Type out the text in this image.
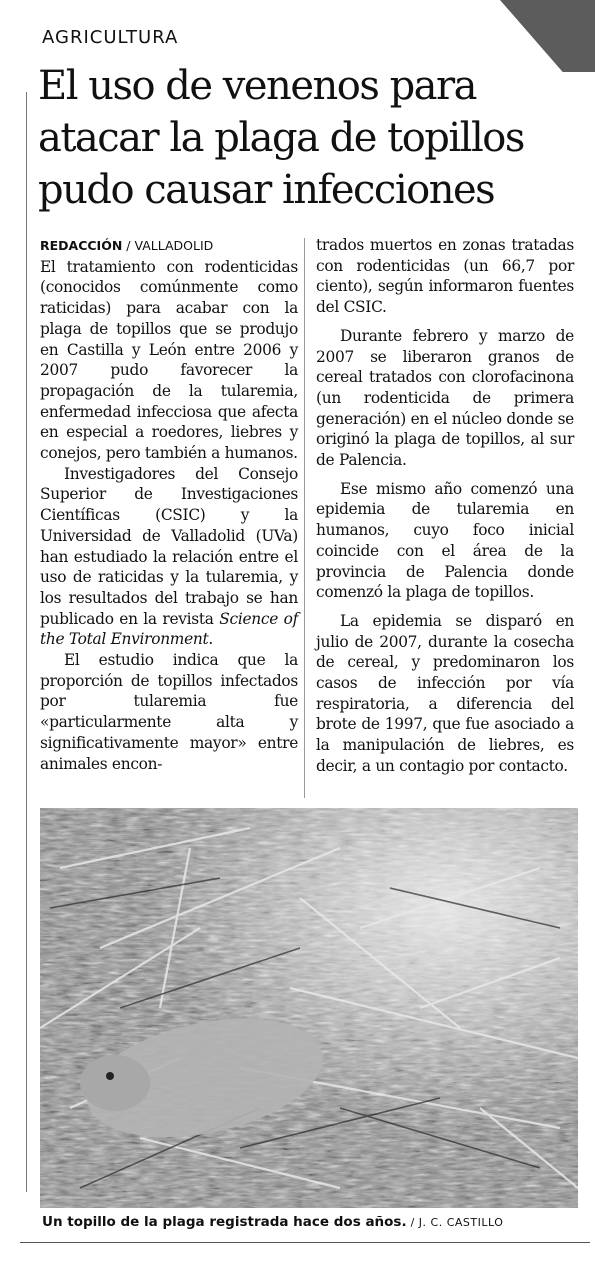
AGRICULTURA
El uso de venenos para atacar la plaga de topillos pudo causar infecciones

REDACCIÓN / VALLADOLID
El tratamiento con rodenticidas (conocidos comúnmente como raticidas) para acabar con la plaga de topillos que se produjo en Castilla y León entre 2006 y 2007 pudo favorecer la propagación de la tularemia, enfermedad infecciosa que afecta en especial a roedores, liebres y conejos, pero también a humanos.

Investigadores del Consejo Superior de Investigaciones Científicas (CSIC) y la Universidad de Valladolid (UVa) han estudiado la relación entre el uso de raticidas y la tularemia, y los resultados del trabajo se han publicado en la revista Science of the Total Environment.

El estudio indica que la proporción de topillos infectados por tularemia fue «particularmente alta y significativamente mayor» entre animales encon-

trados muertos en zonas tratadas con rodenticidas (un 66,7 por ciento), según informaron fuentes del CSIC.

Durante febrero y marzo de 2007 se liberaron granos de cereal tratados con clorofacinona (un rodenticida de primera generación) en el núcleo donde se originó la plaga de topillos, al sur de Palencia.

Ese mismo año comenzó una epidemia de tularemia en humanos, cuyo foco inicial coincide con el área de la provincia de Palencia donde comenzó la plaga de topillos.

La epidemia se disparó en julio de 2007, durante la cosecha de cereal, y predominaron los casos de infección por vía respiratoria, a diferencia del brote de 1997, que fue asociado a la manipulación de liebres, es decir, a un contagio por contacto.

Un topillo de la plaga registrada hace dos años. / J. C. CASTILLO
